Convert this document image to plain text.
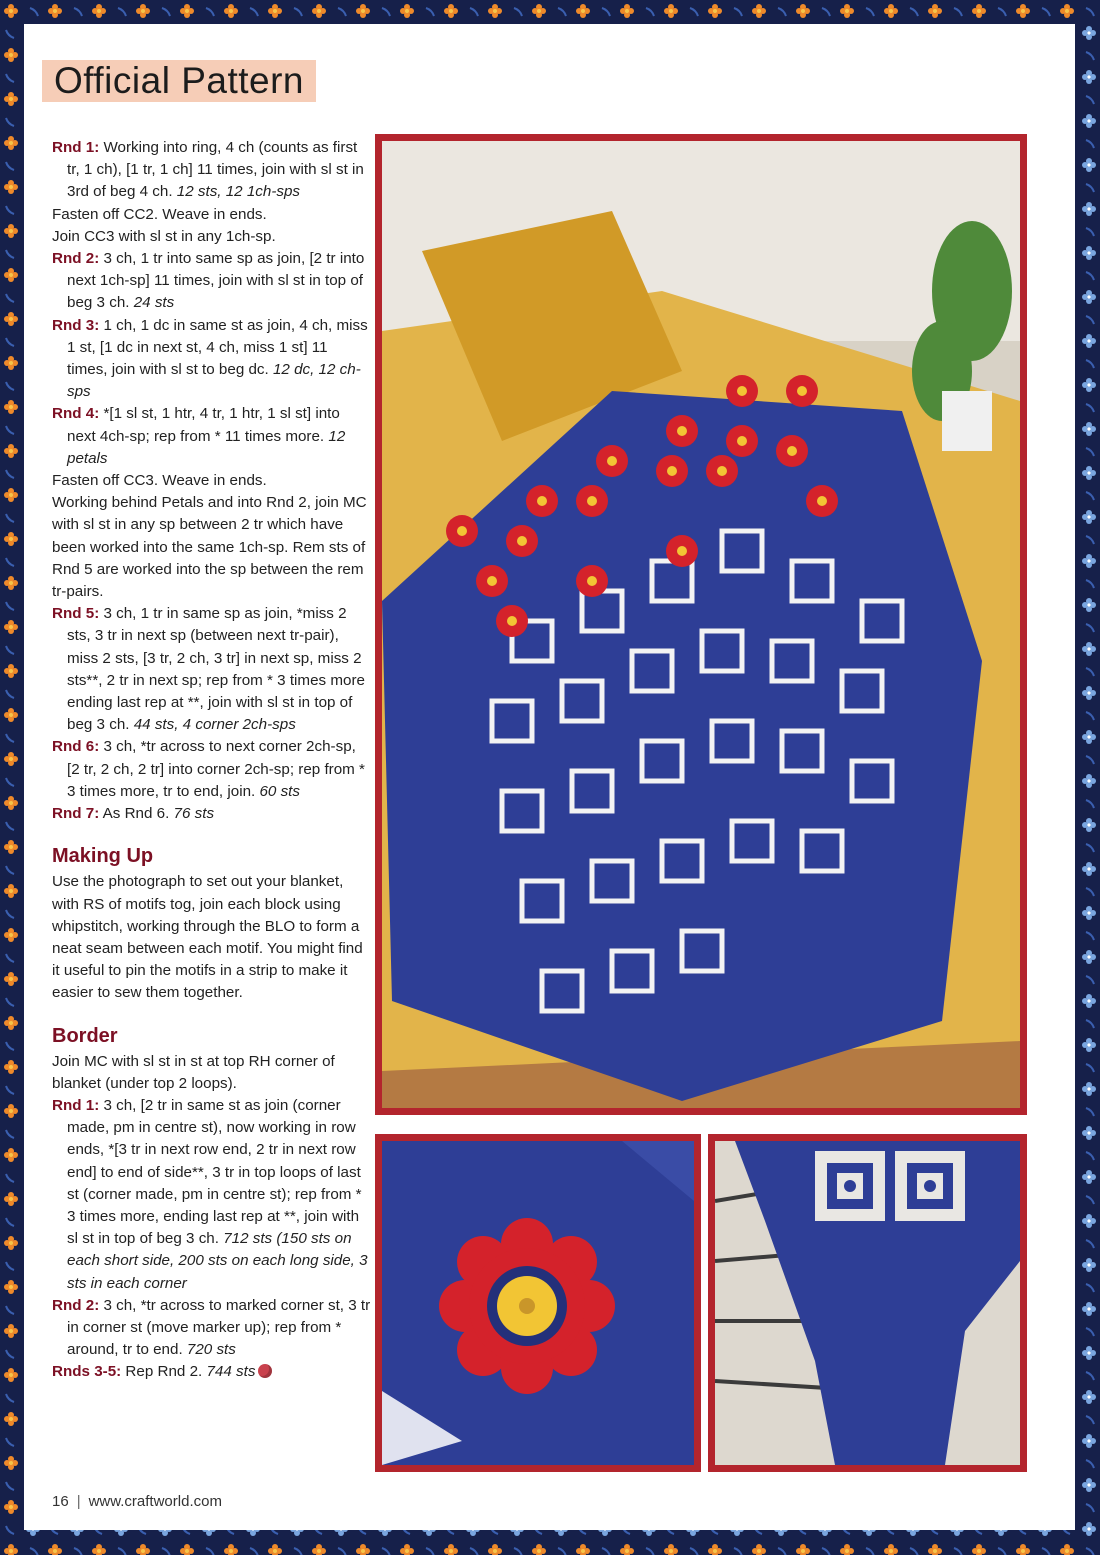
Official Pattern

Rnd 1: Working into ring, 4 ch (counts as first tr, 1 ch), [1 tr, 1 ch] 11 times, join with sl st in 3rd of beg 4 ch. 12 sts, 12 1ch-sps

Fasten off CC2. Weave in ends.

Join CC3 with sl st in any 1ch-sp.

Rnd 2: 3 ch, 1 tr into same sp as join, [2 tr into next 1ch-sp] 11 times, join with sl st in top of beg 3 ch. 24 sts

Rnd 3: 1 ch, 1 dc in same st as join, 4 ch, miss 1 st, [1 dc in next st, 4 ch, miss 1 st] 11 times, join with sl st to beg dc. 12 dc, 12 ch-sps

Rnd 4: *[1 sl st, 1 htr, 4 tr, 1 htr, 1 sl st] into next 4ch-sp; rep from * 11 times more. 12 petals

Fasten off CC3. Weave in ends.

Working behind Petals and into Rnd 2, join MC with sl st in any sp between 2 tr which have been worked into the same 1ch-sp. Rem sts of Rnd 5 are worked into the sp between the rem tr-pairs.

Rnd 5: 3 ch, 1 tr in same sp as join, *miss 2 sts, 3 tr in next sp (between next tr-pair), miss 2 sts, [3 tr, 2 ch, 3 tr] in next sp, miss 2 sts**, 2 tr in next sp; rep from * 3 times more ending last rep at **, join with sl st in top of beg 3 ch. 44 sts, 4 corner 2ch-sps

Rnd 6: 3 ch, *tr across to next corner 2ch-sp, [2 tr, 2 ch, 2 tr] into corner 2ch-sp; rep from * 3 times more, tr to end, join. 60 sts

Rnd 7: As Rnd 6. 76 sts

Making Up

Use the photograph to set out your blanket, with RS of motifs tog, join each block using whipstitch, working through the BLO to form a neat seam between each motif. You might find it useful to pin the motifs in a strip to make it easier to sew them together.

Border

Join MC with sl st in st at top RH corner of blanket (under top 2 loops).

Rnd 1: 3 ch, [2 tr in same st as join (corner made, pm in centre st), now working in row ends, *[3 tr in next row end, 2 tr in next row end] to end of side**, 3 tr in top loops of last st (corner made, pm in centre st); rep from * 3 times more, ending last rep at **, join with sl st in top of beg 3 ch. 712 sts (150 sts on each short side, 200 sts on each long side, 3 sts in each corner

Rnd 2: 3 ch, *tr across to marked corner st, 3 tr in corner st (move marker up); rep from * around, tr to end. 720 sts

Rnds 3-5: Rep Rnd 2. 744 sts

16 | www.craftworld.com
